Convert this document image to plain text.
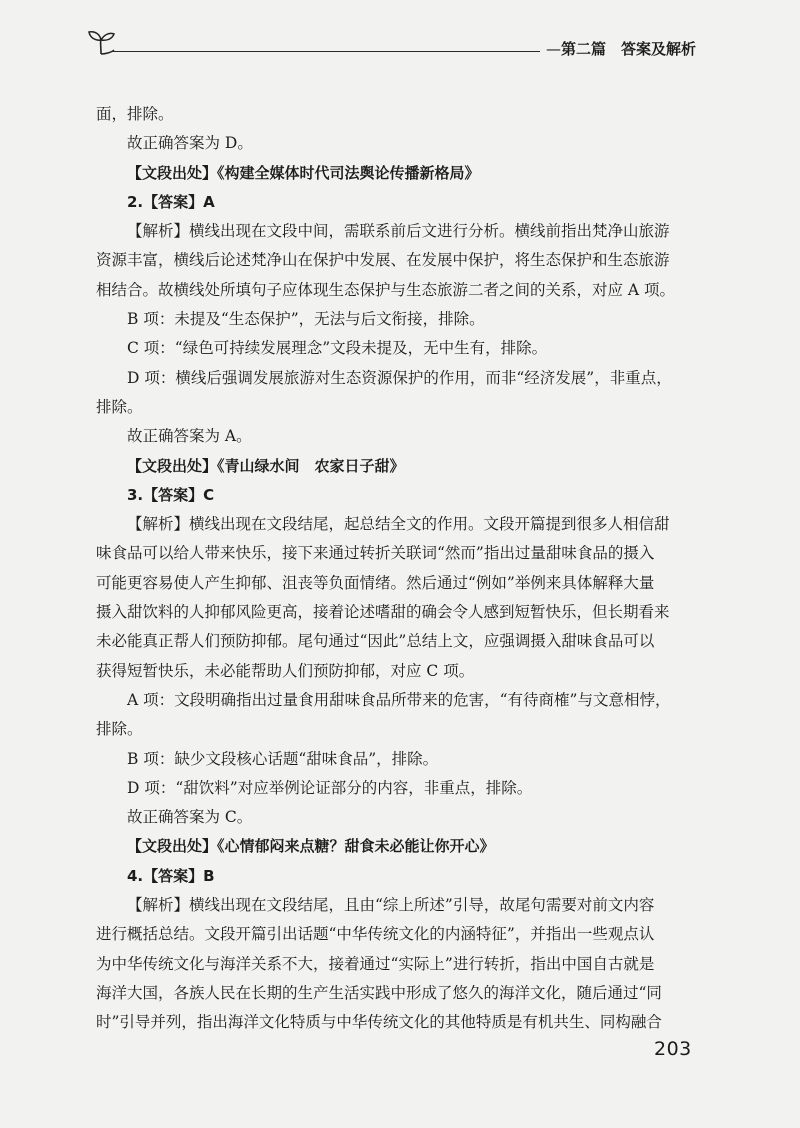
—第二篇　答案及解析
面，排除。
故正确答案为 D。
【文段出处】《构建全媒体时代司法舆论传播新格局》
2.【答案】A
【解析】横线出现在文段中间，需联系前后文进行分析。横线前指出梵净山旅游
资源丰富，横线后论述梵净山在保护中发展、在发展中保护，将生态保护和生态旅游
相结合。故横线处所填句子应体现生态保护与生态旅游二者之间的关系，对应 A 项。
B 项：未提及“生态保护”，无法与后文衔接，排除。
C 项：“绿色可持续发展理念”文段未提及，无中生有，排除。
D 项：横线后强调发展旅游对生态资源保护的作用，而非“经济发展”，非重点，
排除。
故正确答案为 A。
【文段出处】《青山绿水间　农家日子甜》
3.【答案】C
【解析】横线出现在文段结尾，起总结全文的作用。文段开篇提到很多人相信甜
味食品可以给人带来快乐，接下来通过转折关联词“然而”指出过量甜味食品的摄入
可能更容易使人产生抑郁、沮丧等负面情绪。然后通过“例如”举例来具体解释大量
摄入甜饮料的人抑郁风险更高，接着论述嗜甜的确会令人感到短暂快乐，但长期看来
未必能真正帮人们预防抑郁。尾句通过“因此”总结上文，应强调摄入甜味食品可以
获得短暂快乐，未必能帮助人们预防抑郁，对应 C 项。
A 项：文段明确指出过量食用甜味食品所带来的危害，“有待商榷”与文意相悖，
排除。
B 项：缺少文段核心话题“甜味食品”，排除。
D 项：“甜饮料”对应举例论证部分的内容，非重点，排除。
故正确答案为 C。
【文段出处】《心情郁闷来点糖？甜食未必能让你开心》
4.【答案】B
【解析】横线出现在文段结尾，且由“综上所述”引导，故尾句需要对前文内容
进行概括总结。文段开篇引出话题“中华传统文化的内涵特征”，并指出一些观点认
为中华传统文化与海洋关系不大，接着通过“实际上”进行转折，指出中国自古就是
海洋大国，各族人民在长期的生产生活实践中形成了悠久的海洋文化，随后通过“同
时”引导并列，指出海洋文化特质与中华传统文化的其他特质是有机共生、同构融合
203
